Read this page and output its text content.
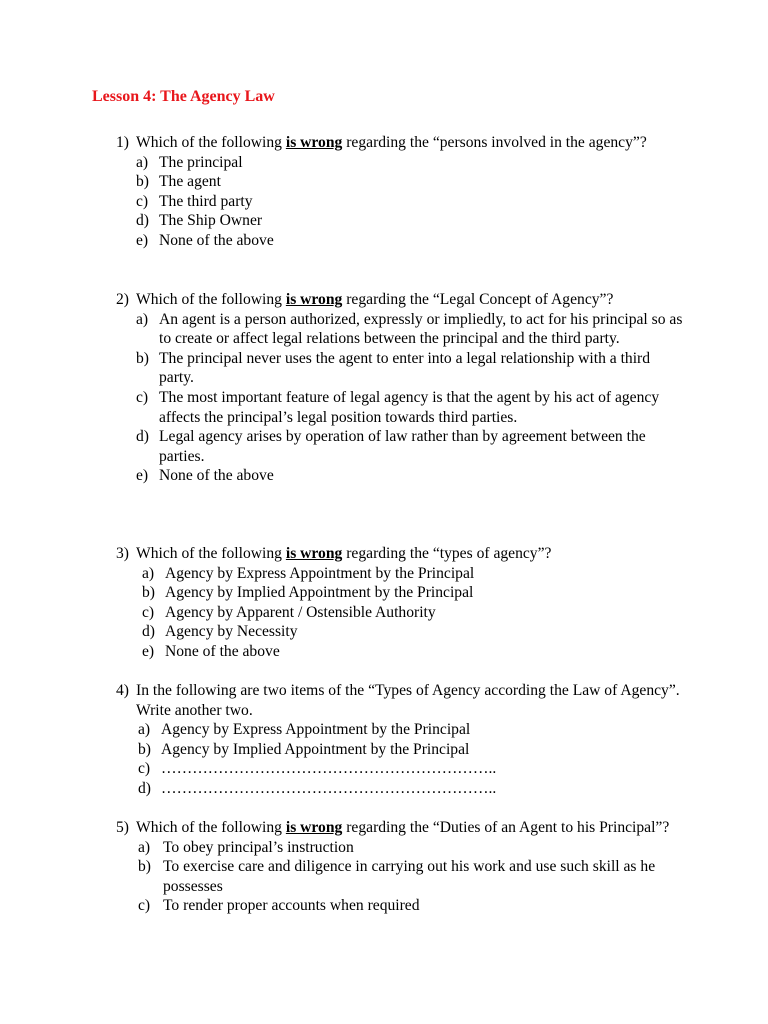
Lesson 4: The Agency Law
1) Which of the following is wrong regarding the “persons involved in the agency”?
a) The principal
b) The agent
c) The third party
d) The Ship Owner
e) None of the above
2) Which of the following is wrong regarding the “Legal Concept of Agency”?
a) An agent is a person authorized, expressly or impliedly, to act for his principal so as to create or affect legal relations between the principal and the third party.
b) The principal never uses the agent to enter into a legal relationship with a third party.
c) The most important feature of legal agency is that the agent by his act of agency affects the principal’s legal position towards third parties.
d) Legal agency arises by operation of law rather than by agreement between the parties.
e) None of the above
3) Which of the following is wrong regarding the “types of agency”?
a) Agency by Express Appointment by the Principal
b) Agency by Implied Appointment by the Principal
c) Agency by Apparent / Ostensible Authority
d) Agency by Necessity
e) None of the above
4) In the following are two items of the “Types of Agency according the Law of Agency”. Write another two.
a) Agency by Express Appointment by the Principal
b) Agency by Implied Appointment by the Principal
c) ………………………………………………………..
d) ………………………………………………………..
5) Which of the following is wrong regarding the “Duties of an Agent to his Principal”?
a) To obey principal’s instruction
b) To exercise care and diligence in carrying out his work and use such skill as he possesses
c) To render proper accounts when required
